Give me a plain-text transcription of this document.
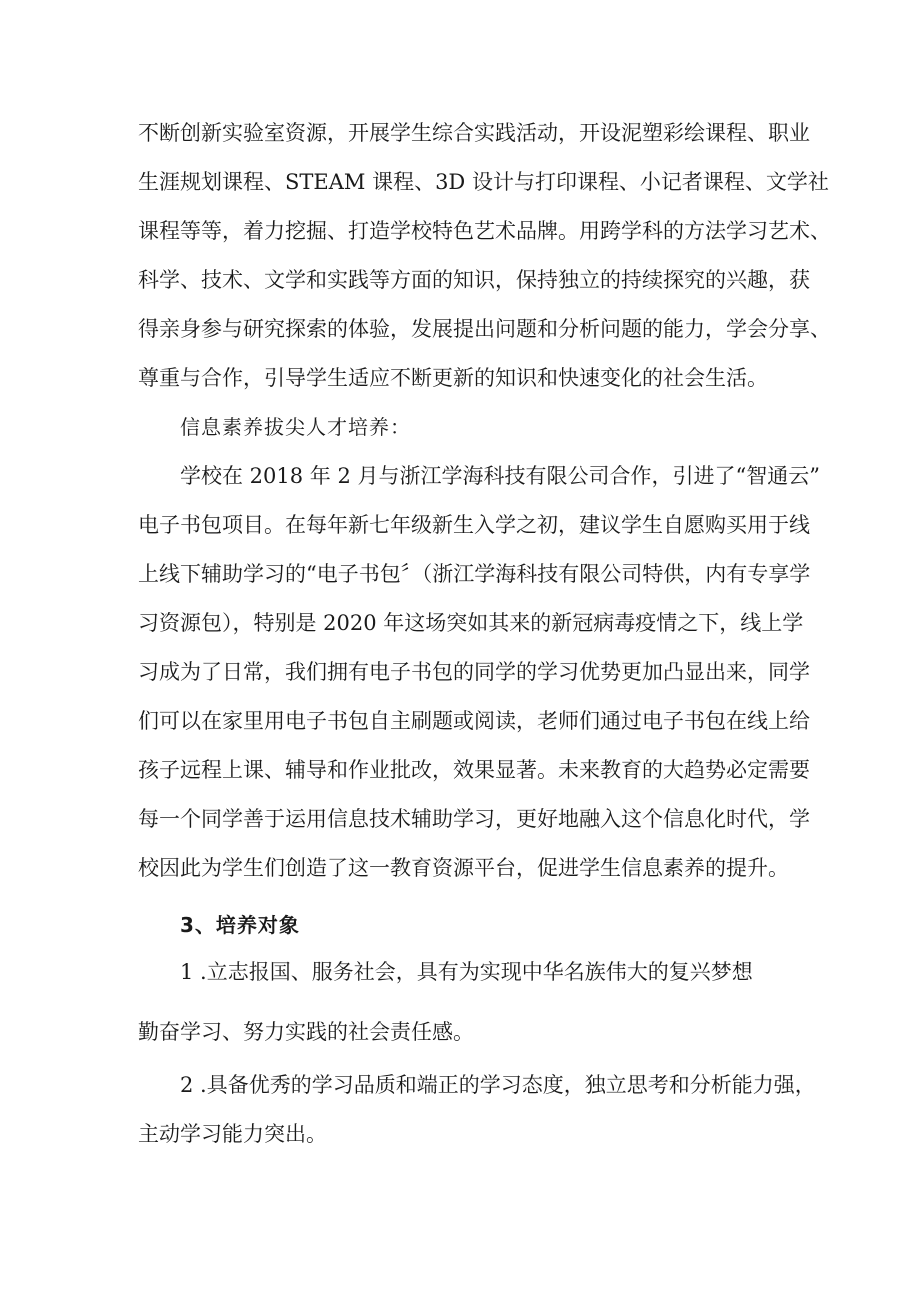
不断创新实验室资源，开展学生综合实践活动，开设泥塑彩绘课程、职业

生涯规划课程、STEAM 课程、3D 设计与打印课程、小记者课程、文学社

课程等等，着力挖掘、打造学校特色艺术品牌。用跨学科的方法学习艺术、

科学、技术、文学和实践等方面的知识，保持独立的持续探究的兴趣，获

得亲身参与研究探索的体验，发展提出问题和分析问题的能力，学会分享、

尊重与合作，引导学生适应不断更新的知识和快速变化的社会生活。

信息素养拔尖人才培养：

学校在 2018 年 2 月与浙江学海科技有限公司合作，引进了“智通云”

电子书包项目。在每年新七年级新生入学之初，建议学生自愿购买用于线

上线下辅助学习的“电子书包〞（浙江学海科技有限公司特供，内有专享学

习资源包），特别是 2020 年这场突如其来的新冠病毒疫情之下，线上学

习成为了日常，我们拥有电子书包的同学的学习优势更加凸显出来，同学

们可以在家里用电子书包自主刷题或阅读，老师们通过电子书包在线上给

孩子远程上课、辅导和作业批改，效果显著。未来教育的大趋势必定需要

每一个同学善于运用信息技术辅助学习，更好地融入这个信息化时代，学

校因此为学生们创造了这一教育资源平台，促进学生信息素养的提升。

3、培养对象

1 .立志报国、服务社会，具有为实现中华名族伟大的复兴梦想

勤奋学习、努力实践的社会责任感。

2 .具备优秀的学习品质和端正的学习态度，独立思考和分析能力强，

主动学习能力突出。
